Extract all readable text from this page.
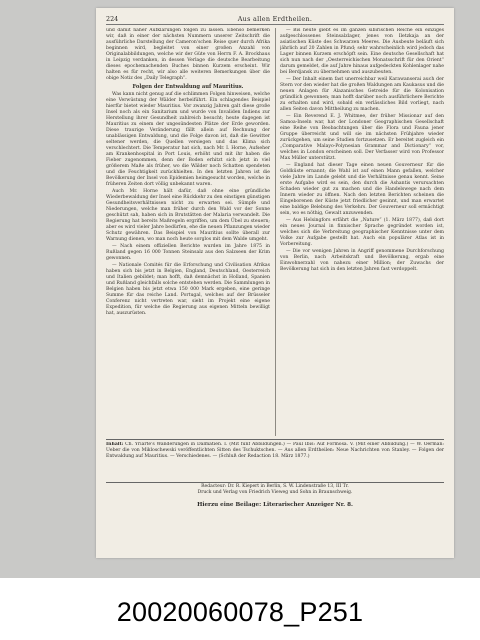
224	Aus allen Erdtheilen.

und damit näher Aufklärungen folgen zu lassen. Ebenso bemerken wir, daß in einer der nächsten Nummern unserer Zeitschrift die ausführliche Darstellung der Cameron'schen Reise quer durch Afrika beginnen wird, begleitet von einer großen Anzahl von Originalabbildungen, welche wir der Güte von Herrn F. A. Brockhaus in Leipzig verdanken, in dessen Verlage die deutsche Bearbeitung dieses epochemachenden Buches binnen Kurzem erscheint. Wir halten es für recht, wir also alle weiteren Bemerkungen über die obige Notiz des „Daily Telegraph“.

Folgen der Entwaldung auf Mauritius.

Was kann nicht genug auf die schlimmen Folgen hinweisen, welche eine Verwüstung der Wälder herbeiführt. Ein schlagendes Beispiel hierfür bietet wieder Mauritius. Vor zwanzig Jahren galt diese große Insel noch als ein Sanitarium und wurde von Invaliden Indiens zur Herstellung ihrer Gesundheit zahlreich besucht; heute dagegen ist Mauritius zu einem der ungesündesten Plätze der Erde geworden. Diese traurige Veränderung fällt allein auf Rechnung der unablässigen Entwaldung, und die Folge davon ist, daß die Gewitter seltener werden, die Quellen versiegen und das Klima sich verschlechtert. Die Temperatur hat sich, nach Mr. I. Horne, Aufseher am Krankenhospital in Port Louis, erhöht und mit ihr haben die Fieber zugenommen, denn der Boden erhitzt sich jetzt in viel größerem Maße als früher, wo die Wälder noch Schatten spendeten und die Feuchtigkeit zurückhielten. In den letzten Jahren ist die Bevölkerung der Insel von Epidemien heimgesucht worden, welche in früheren Zeiten dort völlig unbekannt waren.

Auch Mr. Horne hält dafür, daß ohne eine gründliche Wiederbewaldung der Insel eine Rückkehr zu den einstigen günstigen Gesundheitsverhältnissen nicht zu erwarten sei. Sümpfe und Niederungen, welche man früher durch den Wald vor der Sonne geschützt sah, haben sich in Brutstätten der Malaria verwandelt. Die Regierung hat bereits Maßregeln ergriffen, um dem Übel zu steuern; aber es wird vieler Jahre bedürfen, ehe die neuen Pflanzungen wieder Schutz gewähren. Das Beispiel von Mauritius sollte überall zur Warnung dienen, wo man noch heute sorglos mit dem Walde umgeht.

— Nach einem offiziellen Berichte wurden im Jahre 1875 in Rußland gegen 16 000 Tonnen Steinsalz aus den Salzseen der Krim gewonnen.

— Nationale Comités für die Erforschung und Civilisation Afrikas haben sich bis jetzt in Belgien, England, Deutschland, Oesterreich und Italien gebildet; man hofft, daß demnächst in Holland, Spanien und Rußland gleichfalls solche entstehen werden. Die Sammlungen in Belgien haben bis jetzt etwa 150 000 Mark ergeben, eine geringe Summe für das reiche Land. Portugal, welches auf der Brüsseler Conferenz nicht vertreten war, sieht im Projekt eine eigene Expedition, für welche die Regierung aus eigenen Mitteln bewilligt hat, auszurüsten.

— Bis heute giebt es im ganzen sibirischen Reiche ein einziges aufgeschlossenes Steinsalzlager, jenes von Iletzkaja an der asiatischen Küste des Schwarzen Meeres. Die Ausbeute beläuft sich jährlich auf 20 Zahlen in Pfund; sehr wahrscheinlich wird jedoch das Lager binnen Kurzem erschöpft sein. Eine deutsche Gesellschaft hat sich nun nach der „Oesterreichischen Monatsschrift für den Orient“ darum gemeldet, die auf Jahre hinaus aufgedeckten Kohlenlager nahe bei Berdjansk zu übernehmen und auszubeuten.

— Der Inhalt einem fast unerreichbar weil Karawanserai auch der Stern vor den wieder hat die großen Waldungen am Kaukasus und die neuen Anlagen für Alazanisches Getreide für die Kolonisation gründlich gewonnen; man hofft darüber noch ausführlichere Berichte zu erhalten und wird, sobald ein verlässliches Bild vorliegt, nach allen Seiten davon Mittheilung zu machen.

— Ein Reverend E. J. Whitmee, der früher Missionar auf den Samoa-Inseln war, hat der Londoner Geographischen Gesellschaft eine Reihe von Beobachtungen über die Flora und Fauna jener Gruppe überreicht und will sie im nächsten Frühjahre wieder zurückgehen, um seine Studien fortzusetzen. Er bereitet zugleich ein „Comparative Malayo-Polynesian Grammar and Dictionary“ vor, welches in London erscheinen soll. Der Verfasser wird von Professor Max Müller unterstützt.

— England hat dieser Tage einen neuen Gouverneur für die Goldküste ernannt; die Wahl ist auf einen Mann gefallen, welcher viele Jahre im Lande gelebt und die Verhältnisse genau kennt. Seine erste Aufgabe wird es sein, den durch die Ashantis verursachten Schaden wieder gut zu machen und die Handelswege nach dem Innern wieder zu öffnen. Nach den letzten Berichten scheinen die Eingeborenen der Küste jetzt friedlicher gesinnt, und man erwartet eine baldige Belebung des Verkehrs. Der Gouverneur soll ermächtigt sein, wo es nöthig, Gewalt anzuwenden.

— Aus Helsingfors erfährt die „Nature“ (1. März 1877), daß dort ein neues Journal in finnischer Sprache gegründet worden ist, welches sich die Verbreitung geographischer Kenntnisse unter dem Volke zur Aufgabe gestellt hat. Auch ein populärer Atlas ist in Vorbereitung.

— Die vor wenigen Jahren in Angriff genommene Durchforschung von Berlin, nach Arbeitskraft und Bevölkerung, ergab eine Einwohnerzahl von nahezu einer Million; der Zuwachs der Bevölkerung hat sich in den letzten Jahren fast verdoppelt.

Inhalt: Ch. Yriarte's Wanderungen in Dalmatien. I. (Mit fünf Abbildungen.) — Paul Ibis: Auf Formosa. V. (Mit einer Abbildung.) — W. Oerman: Ueber die von Mikloschewski veröffentlichten Sitten des Tschuktschen. — Aus allen Erdtheilen: Neue Nachrichten von Stanley. — Folgen der Entwaldung auf Mauritius. — Verschiedenes. — (Schluß der Redaction 18. März 1877.)
Redacteur: Dr. R. Kiepert in Berlin, S. W. Lindenstraße 13, III Tr.
Druck und Verlag von Friedrich Vieweg und Sohn in Braunschweig.
Hierzu eine Beilage: Literarischer Anzeiger Nr. 8.
20020060078_P251
